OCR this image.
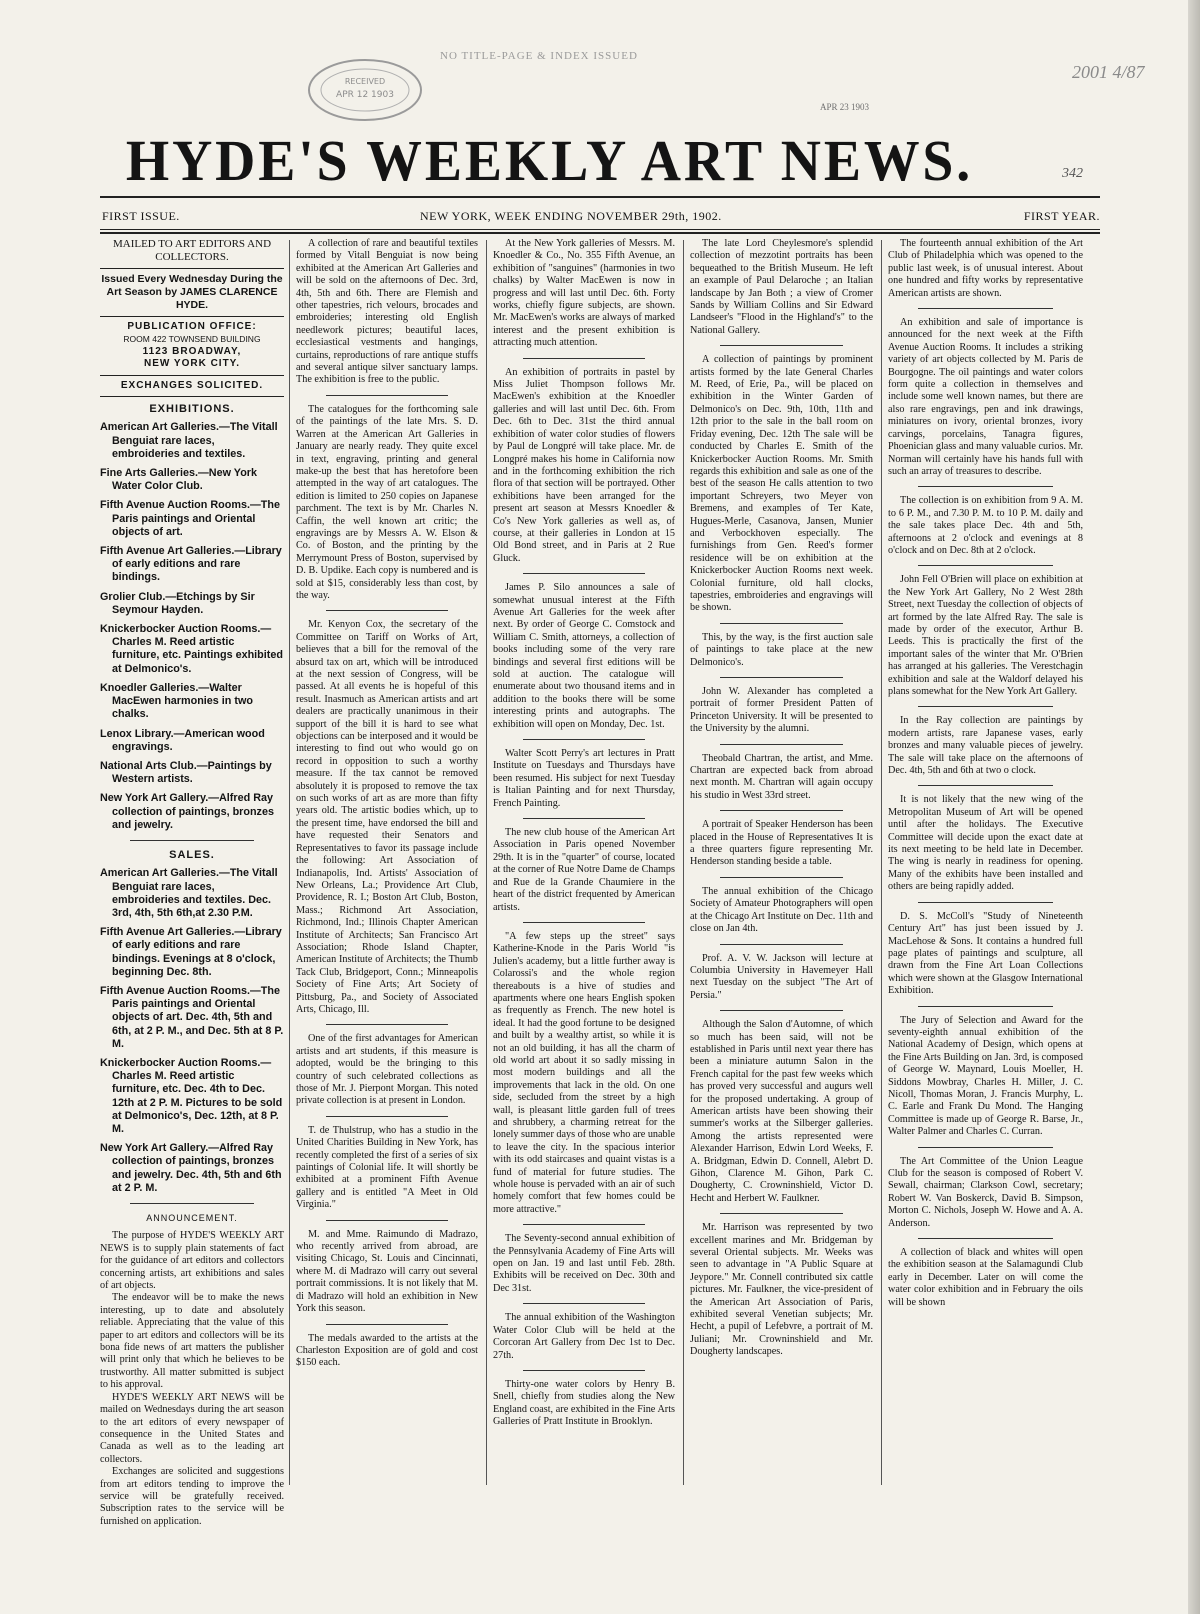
RECEIVED
APR 12 1903
NO TITLE-PAGE & INDEX ISSUED
APR 23 1903
2001 4/87
HYDE'S WEEKLY ART NEWS.	342
FIRST ISSUE.	NEW YORK, WEEK ENDING NOVEMBER 29th, 1902.	FIRST YEAR.
MAILED TO ART EDITORS AND COLLECTORS.
Issued Every Wednesday During the Art Season by JAMES CLARENCE HYDE.
PUBLICATION OFFICE:
ROOM 422 TOWNSEND BUILDING
1123 BROADWAY,
NEW YORK CITY.
EXCHANGES SOLICITED.
EXHIBITIONS.
American Art Galleries.—The Vitall Benguiat rare laces, embroideries and textiles.
Fine Arts Galleries.—New York Water Color Club.
Fifth Avenue Auction Rooms.—The Paris paintings and Oriental objects of art.
Fifth Avenue Art Galleries.—Library of early editions and rare bindings.
Grolier Club.—Etchings by Sir Seymour Hayden.
Knickerbocker Auction Rooms.—Charles M. Reed artistic furniture, etc. Paintings exhibited at Delmonico's.
Knoedler Galleries.—Walter MacEwen harmonies in two chalks.
Lenox Library.—American wood engravings.
National Arts Club.—Paintings by Western artists.
New York Art Gallery.—Alfred Ray collection of paintings, bronzes and jewelry.
SALES.
American Art Galleries.—The Vitall Benguiat rare laces, embroideries and textiles. Dec. 3rd, 4th, 5th 6th,at 2.30 P.M.
Fifth Avenue Art Galleries.—Library of early editions and rare bindings. Evenings at 8 o'clock, beginning Dec. 8th.
Fifth Avenue Auction Rooms.—The Paris paintings and Oriental objects of art. Dec. 4th, 5th and 6th, at 2 P. M., and Dec. 5th at 8 P. M.
Knickerbocker Auction Rooms.—Charles M. Reed artistic furniture, etc. Dec. 4th to Dec. 12th at 2 P. M. Pictures to be sold at Delmonico's, Dec. 12th, at 8 P. M.
New York Art Gallery.—Alfred Ray collection of paintings, bronzes and jewelry. Dec. 4th, 5th and 6th at 2 P. M.
ANNOUNCEMENT.

The purpose of HYDE'S WEEKLY ART NEWS is to supply plain statements of fact for the guidance of art editors and collectors concerning artists, art exhibitions and sales of art objects.

The endeavor will be to make the news interesting, up to date and absolutely reliable. Appreciating that the value of this paper to art editors and collectors will be its bona fide news of art matters the publisher will print only that which he believes to be trustworthy. All matter submitted is subject to his approval.

HYDE'S WEEKLY ART NEWS will be mailed on Wednesdays during the art season to the art editors of every newspaper of consequence in the United States and Canada as well as to the leading art collectors.

Exchanges are solicited and suggestions from art editors tending to improve the service will be gratefully received. Subscription rates to the service will be furnished on application.

A collection of rare and beautiful textiles formed by Vitall Benguiat is now being exhibited at the American Art Galleries and will be sold on the afternoons of Dec. 3rd, 4th, 5th and 6th. There are Flemish and other tapestries, rich velours, brocades and embroideries; interesting old English needlework pictures; beautiful laces, ecclesiastical vestments and hangings, curtains, reproductions of rare antique stuffs and several antique silver sanctuary lamps. The exhibition is free to the public.

The catalogues for the forthcoming sale of the paintings of the late Mrs. S. D. Warren at the American Art Galleries in January are nearly ready. They quite excel in text, engraving, printing and general make-up the best that has heretofore been attempted in the way of art catalogues. The edition is limited to 250 copies on Japanese parchment. The text is by Mr. Charles N. Caffin, the well known art critic; the engravings are by Messrs A. W. Elson & Co. of Boston, and the printing by the Merrymount Press of Boston, supervised by D. B. Updike. Each copy is numbered and is sold at $15, considerably less than cost, by the way.

Mr. Kenyon Cox, the secretary of the Committee on Tariff on Works of Art, believes that a bill for the removal of the absurd tax on art, which will be introduced at the next session of Congress, will be passed. At all events he is hopeful of this result. Inasmuch as American artists and art dealers are practically unanimous in their support of the bill it is hard to see what objections can be interposed and it would be interesting to find out who would go on record in opposition to such a worthy measure. If the tax cannot be removed absolutely it is proposed to remove the tax on such works of art as are more than fifty years old. The artistic bodies which, up to the present time, have endorsed the bill and have requested their Senators and Representatives to favor its passage include the following: Art Association of Indianapolis, Ind. Artists' Association of New Orleans, La.; Providence Art Club, Providence, R. I.; Boston Art Club, Boston, Mass.; Richmond Art Association, Richmond, Ind.; Illinois Chapter American Institute of Architects; San Francisco Art Association; Rhode Island Chapter, American Institute of Architects; the Thumb Tack Club, Bridgeport, Conn.; Minneapolis Society of Fine Arts; Art Society of Pittsburg, Pa., and Society of Associated Arts, Chicago, Ill.

One of the first advantages for American artists and art students, if this measure is adopted, would be the bringing to this country of such celebrated collections as those of Mr. J. Pierpont Morgan. This noted private collection is at present in London.

T. de Thulstrup, who has a studio in the United Charities Building in New York, has recently completed the first of a series of six paintings of Colonial life. It will shortly be exhibited at a prominent Fifth Avenue gallery and is entitled "A Meet in Old Virginia."

M. and Mme. Raimundo di Madrazo, who recently arrived from abroad, are visiting Chicago, St. Louis and Cincinnati, where M. di Madrazo will carry out several portrait commissions. It is not likely that M. di Madrazo will hold an exhibition in New York this season.

The medals awarded to the artists at the Charleston Exposition are of gold and cost $150 each.

At the New York galleries of Messrs. M. Knoedler & Co., No. 355 Fifth Avenue, an exhibition of "sanguines" (harmonies in two chalks) by Walter MacEwen is now in progress and will last until Dec. 6th. Forty works, chiefly figure subjects, are shown. Mr. MacEwen's works are always of marked interest and the present exhibition is attracting much attention.

An exhibition of portraits in pastel by Miss Juliet Thompson follows Mr. MacEwen's exhibition at the Knoedler galleries and will last until Dec. 6th. From Dec. 6th to Dec. 31st the third annual exhibition of water color studies of flowers by Paul de Longpré will take place. Mr. de Longpré makes his home in California now and in the forthcoming exhibition the rich flora of that section will be portrayed. Other exhibitions have been arranged for the present art season at Messrs Knoedler & Co's New York galleries as well as, of course, at their galleries in London at 15 Old Bond street, and in Paris at 2 Rue Gluck.

James P. Silo announces a sale of somewhat unusual interest at the Fifth Avenue Art Galleries for the week after next. By order of George C. Comstock and William C. Smith, attorneys, a collection of books including some of the very rare bindings and several first editions will be sold at auction. The catalogue will enumerate about two thousand items and in addition to the books there will be some interesting prints and autographs. The exhibition will open on Monday, Dec. 1st.

Walter Scott Perry's art lectures in Pratt Institute on Tuesdays and Thursdays have been resumed. His subject for next Tuesday is Italian Painting and for next Thursday, French Painting.

The new club house of the American Art Association in Paris opened November 29th. It is in the "quarter" of course, located at the corner of Rue Notre Dame de Champs and Rue de la Grande Chaumiere in the heart of the district frequented by American artists.

"A few steps up the street" says Katherine-Knode in the Paris World "is Julien's academy, but a little further away is Colarossi's and the whole region thereabouts is a hive of studies and apartments where one hears English spoken as frequently as French. The new hotel is ideal. It had the good fortune to be designed and built by a wealthy artist, so while it is not an old building, it has all the charm of old world art about it so sadly missing in most modern buildings and all the improvements that lack in the old. On one side, secluded from the street by a high wall, is pleasant little garden full of trees and shrubbery, a charming retreat for the lonely summer days of those who are unable to leave the city. In the spacious interior with its odd staircases and quaint vistas is a fund of material for future studies. The whole house is pervaded with an air of such homely comfort that few homes could be more attractive."

The Seventy-second annual exhibition of the Pennsylvania Academy of Fine Arts will open on Jan. 19 and last until Feb. 28th. Exhibits will be received on Dec. 30th and Dec 31st.

The annual exhibition of the Washington Water Color Club will be held at the Corcoran Art Gallery from Dec 1st to Dec. 27th.

Thirty-one water colors by Henry B. Snell, chiefly from studies along the New England coast, are exhibited in the Fine Arts Galleries of Pratt Institute in Brooklyn.

The late Lord Cheylesmore's splendid collection of mezzotint portraits has been bequeathed to the British Museum. He left an example of Paul Delaroche ; an Italian landscape by Jan Both ; a view of Cromer Sands by William Collins and Sir Edward Landseer's "Flood in the Highland's" to the National Gallery.

A collection of paintings by prominent artists formed by the late General Charles M. Reed, of Erie, Pa., will be placed on exhibition in the Winter Garden of Delmonico's on Dec. 9th, 10th, 11th and 12th prior to the sale in the ball room on Friday evening, Dec. 12th The sale will be conducted by Charles E. Smith of the Knickerbocker Auction Rooms. Mr. Smith regards this exhibition and sale as one of the best of the season He calls attention to two important Schreyers, two Meyer von Bremens, and examples of Ter Kate, Hugues-Merle, Casanova, Jansen, Munier and Verbockhoven especially. The furnishings from Gen. Reed's former residence will be on exhibition at the Knickerbocker Auction Rooms next week. Colonial furniture, old hall clocks, tapestries, embroideries and engravings will be shown.

This, by the way, is the first auction sale of paintings to take place at the new Delmonico's.

John W. Alexander has completed a portrait of former President Patten of Princeton University. It will be presented to the University by the alumni.

Theobald Chartran, the artist, and Mme. Chartran are expected back from abroad next month. M. Chartran will again occupy his studio in West 33rd street.

A portrait of Speaker Henderson has been placed in the House of Representatives It is a three quarters figure representing Mr. Henderson standing beside a table.

The annual exhibition of the Chicago Society of Amateur Photographers will open at the Chicago Art Institute on Dec. 11th and close on Jan 4th.

Prof. A. V. W. Jackson will lecture at Columbia University in Havemeyer Hall next Tuesday on the subject "The Art of Persia."

Although the Salon d'Automne, of which so much has been said, will not be established in Paris until next year there has been a miniature autumn Salon in the French capital for the past few weeks which has proved very successful and augurs well for the proposed undertaking. A group of American artists have been showing their summer's works at the Silberger galleries. Among the artists represented were Alexander Harrison, Edwin Lord Weeks, F. A. Bridgman, Edwin D. Connell, Alebrt D. Gihon, Clarence M. Gihon, Park C. Dougherty, C. Crowninshield, Victor D. Hecht and Herbert W. Faulkner.

Mr. Harrison was represented by two excellent marines and Mr. Bridgeman by several Oriental subjects. Mr. Weeks was seen to advantage in "A Public Square at Jeypore." Mr. Connell contributed six cattle pictures. Mr. Faulkner, the vice-president of the American Art Association of Paris, exhibited several Venetian subjects; Mr. Hecht, a pupil of Lefebvre, a portrait of M. Juliani; Mr. Crowninshield and Mr. Dougherty landscapes.

The fourteenth annual exhibition of the Art Club of Philadelphia which was opened to the public last week, is of unusual interest. About one hundred and fifty works by representative American artists are shown.

An exhibition and sale of importance is announced for the next week at the Fifth Avenue Auction Rooms. It includes a striking variety of art objects collected by M. Paris de Bourgogne. The oil paintings and water colors form quite a collection in themselves and include some well known names, but there are also rare engravings, pen and ink drawings, miniatures on ivory, oriental bronzes, ivory carvings, porcelains, Tanagra figures, Phoenician glass and many valuable curios. Mr. Norman will certainly have his hands full with such an array of treasures to describe.

The collection is on exhibition from 9 A. M. to 6 P. M., and 7.30 P. M. to 10 P. M. daily and the sale takes place Dec. 4th and 5th, afternoons at 2 o'clock and evenings at 8 o'clock and on Dec. 8th at 2 o'clock.

John Fell O'Brien will place on exhibition at the New York Art Gallery, No 2 West 28th Street, next Tuesday the collection of objects of art formed by the late Alfred Ray. The sale is made by order of the executor, Arthur B. Leeds. This is practically the first of the important sales of the winter that Mr. O'Brien has arranged at his galleries. The Verestchagin exhibition and sale at the Waldorf delayed his plans somewhat for the New York Art Gallery.

In the Ray collection are paintings by modern artists, rare Japanese vases, early bronzes and many valuable pieces of jewelry. The sale will take place on the afternoons of Dec. 4th, 5th and 6th at two o clock.

It is not likely that the new wing of the Metropolitan Museum of Art will be opened until after the holidays. The Executive Committee will decide upon the exact date at its next meeting to be held late in December. The wing is nearly in readiness for opening. Many of the exhibits have been installed and others are being rapidly added.

D. S. McColl's "Study of Nineteenth Century Art" has just been issued by J. MacLehose & Sons. It contains a hundred full page plates of paintings and sculpture, all drawn from the Fine Art Loan Collections which were shown at the Glasgow International Exhibition.

The Jury of Selection and Award for the seventy-eighth annual exhibition of the National Academy of Design, which opens at the Fine Arts Building on Jan. 3rd, is composed of George W. Maynard, Louis Moeller, H. Siddons Mowbray, Charles H. Miller, J. C. Nicoll, Thomas Moran, J. Francis Murphy, L. C. Earle and Frank Du Mond. The Hanging Committee is made up of George R. Barse, Jr., Walter Palmer and Charles C. Curran.

The Art Committee of the Union League Club for the season is composed of Robert V. Sewall, chairman; Clarkson Cowl, secretary; Robert W. Van Boskerck, David B. Simpson, Morton C. Nichols, Joseph W. Howe and A. A. Anderson.

A collection of black and whites will open the exhibition season at the Salamagundi Club early in December. Later on will come the water color exhibition and in February the oils will be shown
